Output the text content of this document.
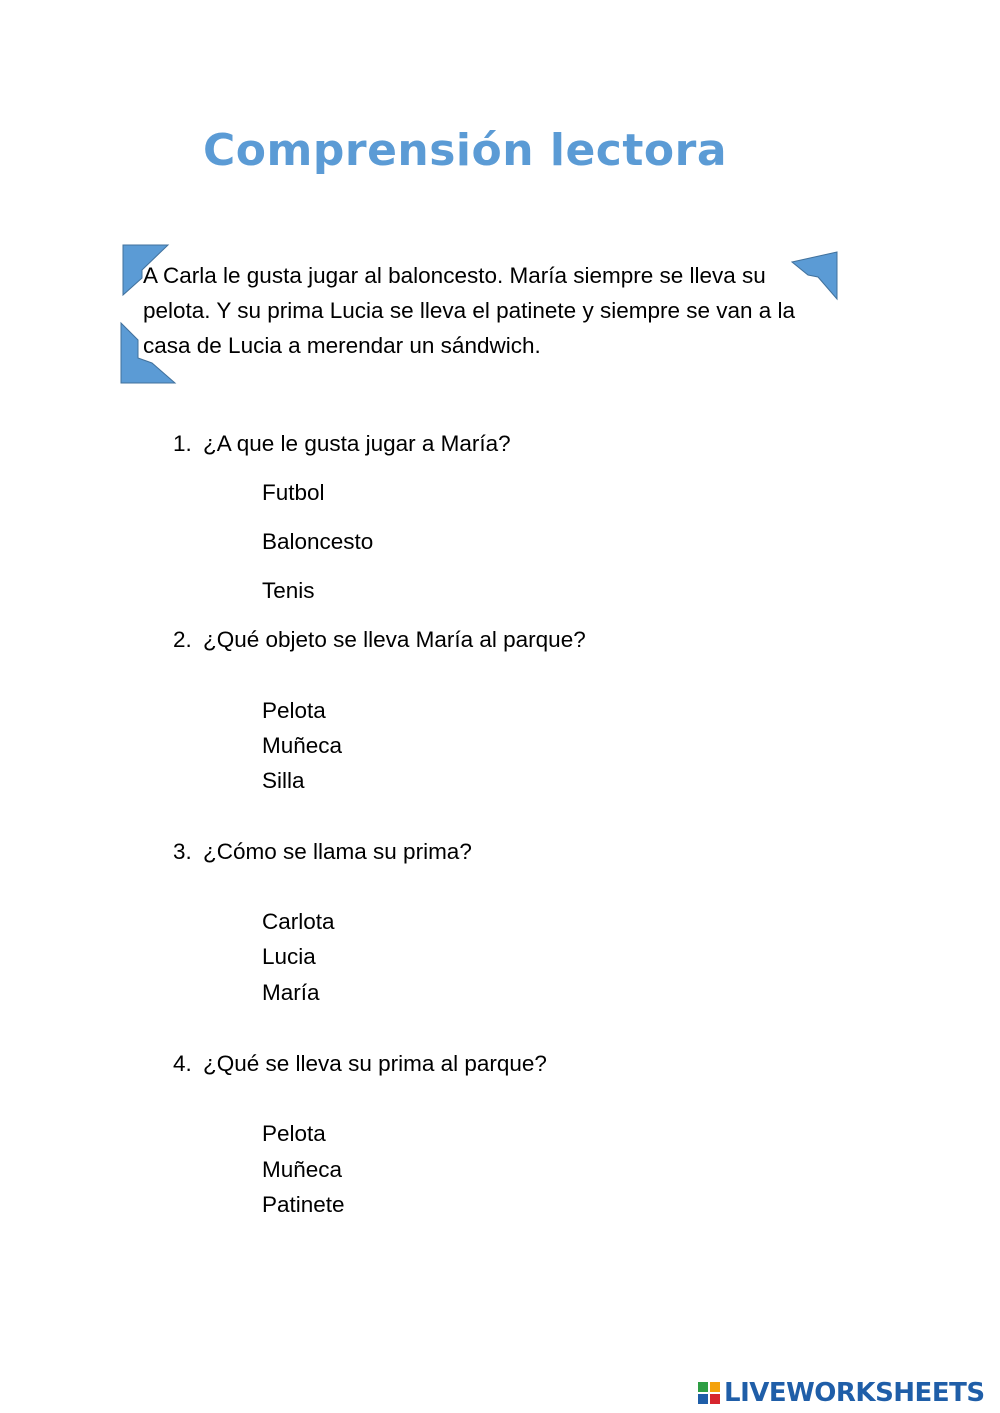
Comprensión lectora
A Carla le gusta jugar al baloncesto. María siempre se lleva su
pelota. Y su prima Lucia se lleva el patinete y siempre se van a la
casa de Lucia a merendar un sándwich.
1. ¿A que le gusta jugar a María?
Futbol
Baloncesto
Tenis
2. ¿Qué objeto se lleva María al parque?
Pelota
Muñeca
Silla
3. ¿Cómo se llama su prima?
Carlota
Lucia
María
4. ¿Qué se lleva su prima al parque?
Pelota
Muñeca
Patinete
LIVEWORKSHEETS
